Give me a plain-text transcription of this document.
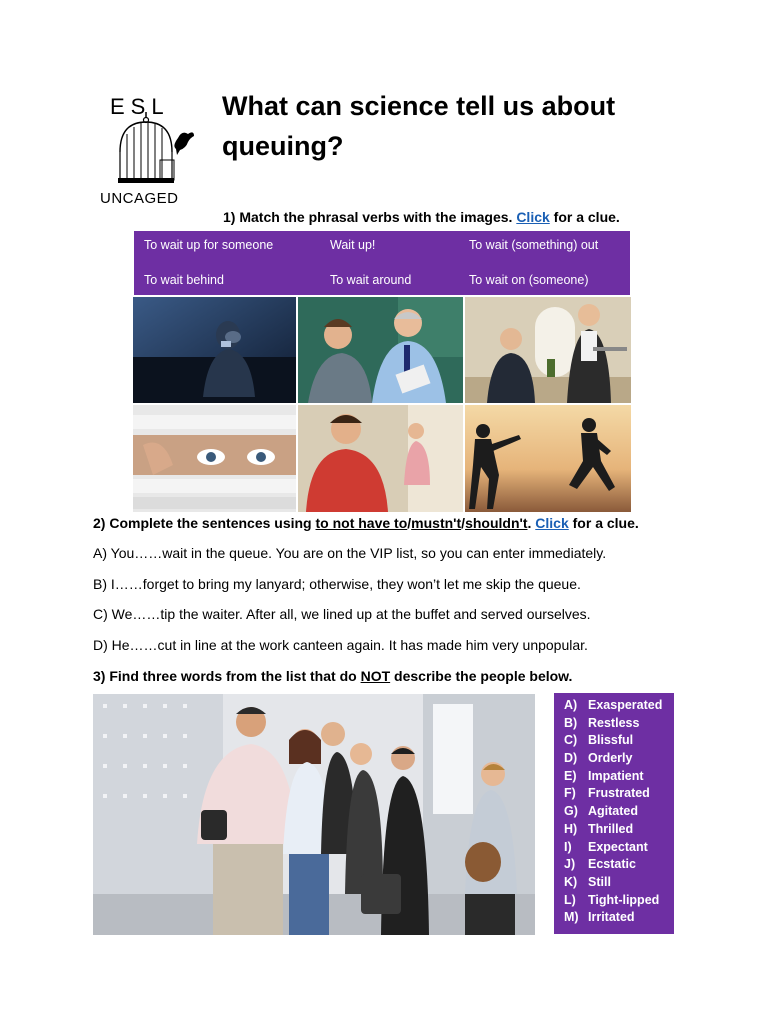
ESL
UNCAGED
What can science tell us about queuing?
1) Match the phrasal verbs with the images. Click for a clue.
To wait up for someone	Wait up!	To wait (something) out
To wait behind	To wait around	To wait on (someone)
2) Complete the sentences using to not have to/mustn't/shouldn't. Click for a clue.
A) You……wait in the queue. You are on the VIP list, so you can enter immediately.
B) I……forget to bring my lanyard; otherwise, they won’t let me skip the queue.
C) We……tip the waiter. After all, we lined up at the buffet and served ourselves.
D) He……cut in line at the work canteen again. It has made him very unpopular.
3) Find three words from the list that do NOT describe the people below.
A) Exasperated
B) Restless
C) Blissful
D) Orderly
E) Impatient
F) Frustrated
G) Agitated
H) Thrilled
I) Expectant
J) Ecstatic
K) Still
L) Tight-lipped
M) Irritated
